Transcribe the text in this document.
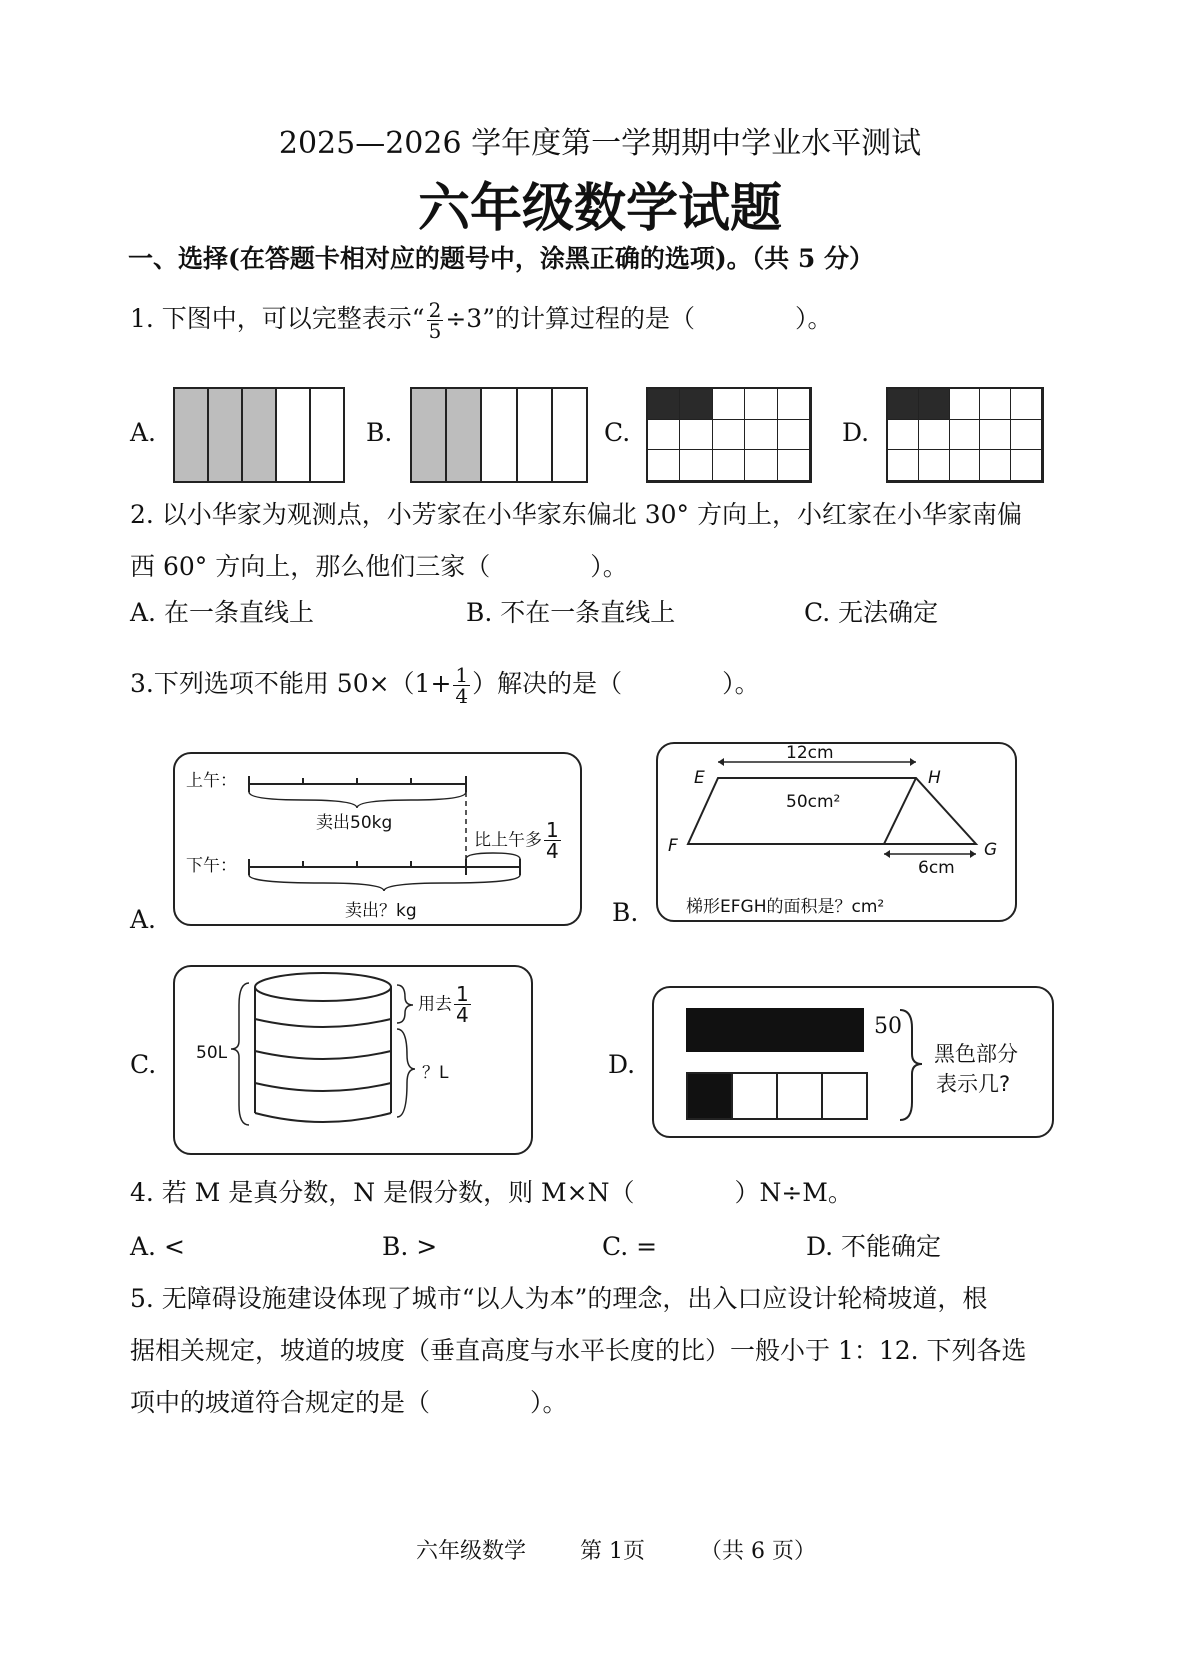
2025—2026 学年度第一学期期中学业水平测试
六年级数学试题
一、选择(在答题卡相对应的题号中，涂黑正确的选项)。（共 5 分）
1. 下图中，可以完整表示“ $\frac{2}{5} \div 3$”的计算过程的是（　　　　）。
A.	B.	C.	D.
2. 以小华家为观测点，小芳家在小华家东偏北 30° 方向上，小红家在小华家南偏
西 60° 方向上，那么他们三家（　　　　）。
A. 在一条直线上	B. 不在一条直线上	C. 无法确定
3.下列选项不能用 $50\times(1+ \frac{1}{4}$ ）解决的是（　　　　）。
A.
上午：
卖出50kg
比上午多 $\frac{1}{4}$
下午：
卖出？kg	B.
12cm
E	H
50cm²
F	G
6cm
梯形EFGH的面积是？cm²
C. 50L
用去 $\frac{1}{4}$
？L	D.
50
黑色部分
表示几?
4. 若 M 是真分数，N 是假分数，则 M×N（　　　　）N÷M。
A. <	B. >	C. =	D. 不能确定
5. 无障碍设施建设体现了城市“以人为本”的理念，出入口应设计轮椅坡道，根
据相关规定，坡道的坡度（垂直高度与水平长度的比）一般小于 1：12. 下列各选
项中的坡道符合规定的是（　　　　）。
六年级数学 第 1页	（共 6 页）
